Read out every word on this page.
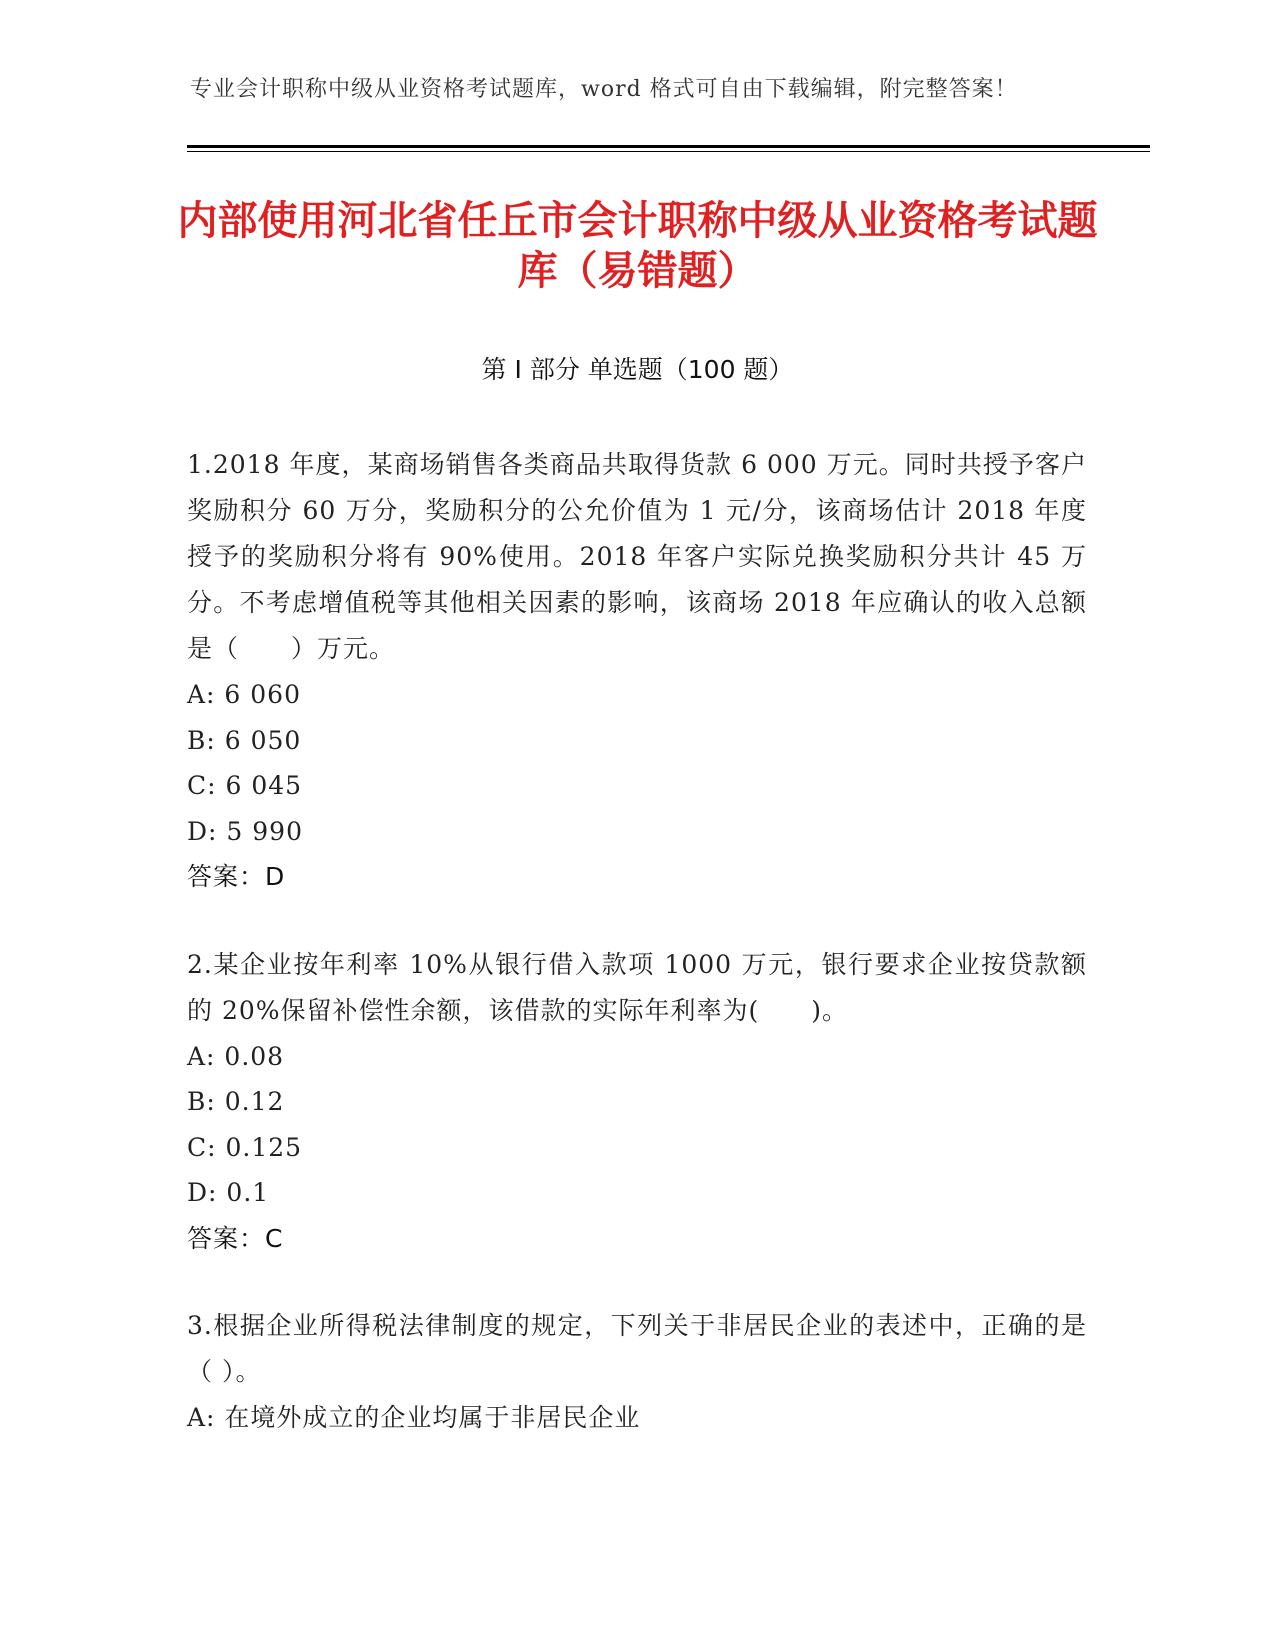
专业会计职称中级从业资格考试题库，word 格式可自由下载编辑，附完整答案！
内部使用河北省任丘市会计职称中级从业资格考试题库（易错题）
第 I 部分 单选题（100 题）

1.2018 年度，某商场销售各类商品共取得货款 6 000 万元。同时共授予客户奖励积分 60 万分，奖励积分的公允价值为 1 元/分，该商场估计 2018 年度授予的奖励积分将有 90%使用。2018 年客户实际兑换奖励积分共计 45 万分。不考虑增值税等其他相关因素的影响，该商场 2018 年应确认的收入总额是（　　）万元。

A: 6 060

B: 6 050

C: 6 045

D: 5 990

答案：D

2.某企业按年利率 10%从银行借入款项 1000 万元，银行要求企业按贷款额的 20%保留补偿性余额，该借款的实际年利率为(　　)。

A: 0.08

B: 0.12

C: 0.125

D: 0.1

答案：C

3.根据企业所得税法律制度的规定，下列关于非居民企业的表述中，正确的是（ ）。

A: 在境外成立的企业均属于非居民企业
